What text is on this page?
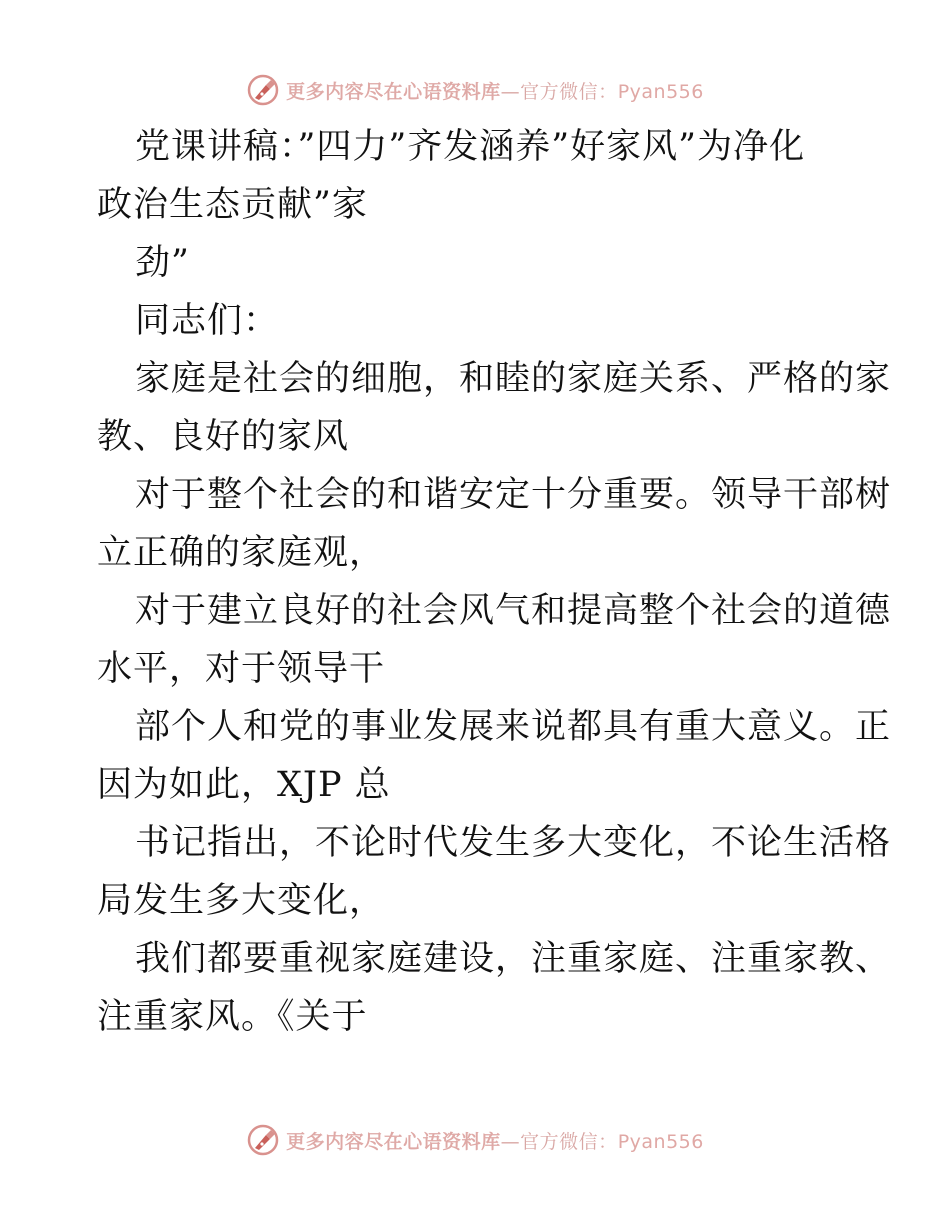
更多内容尽在心语资料库—官方微信：Pyan556
党课讲稿：”四力”齐发涵养”好家风”为净化
政治生态贡献”家
劲”
同志们：
家庭是社会的细胞，和睦的家庭关系、严格的家
教、良好的家风
对于整个社会的和谐安定十分重要。领导干部树
立正确的家庭观，
对于建立良好的社会风气和提高整个社会的道德
水平，对于领导干
部个人和党的事业发展来说都具有重大意义。正
因为如此，XJP 总
书记指出，不论时代发生多大变化，不论生活格
局发生多大变化，
我们都要重视家庭建设，注重家庭、注重家教、
注重家风。《关于
更多内容尽在心语资料库—官方微信：Pyan556
